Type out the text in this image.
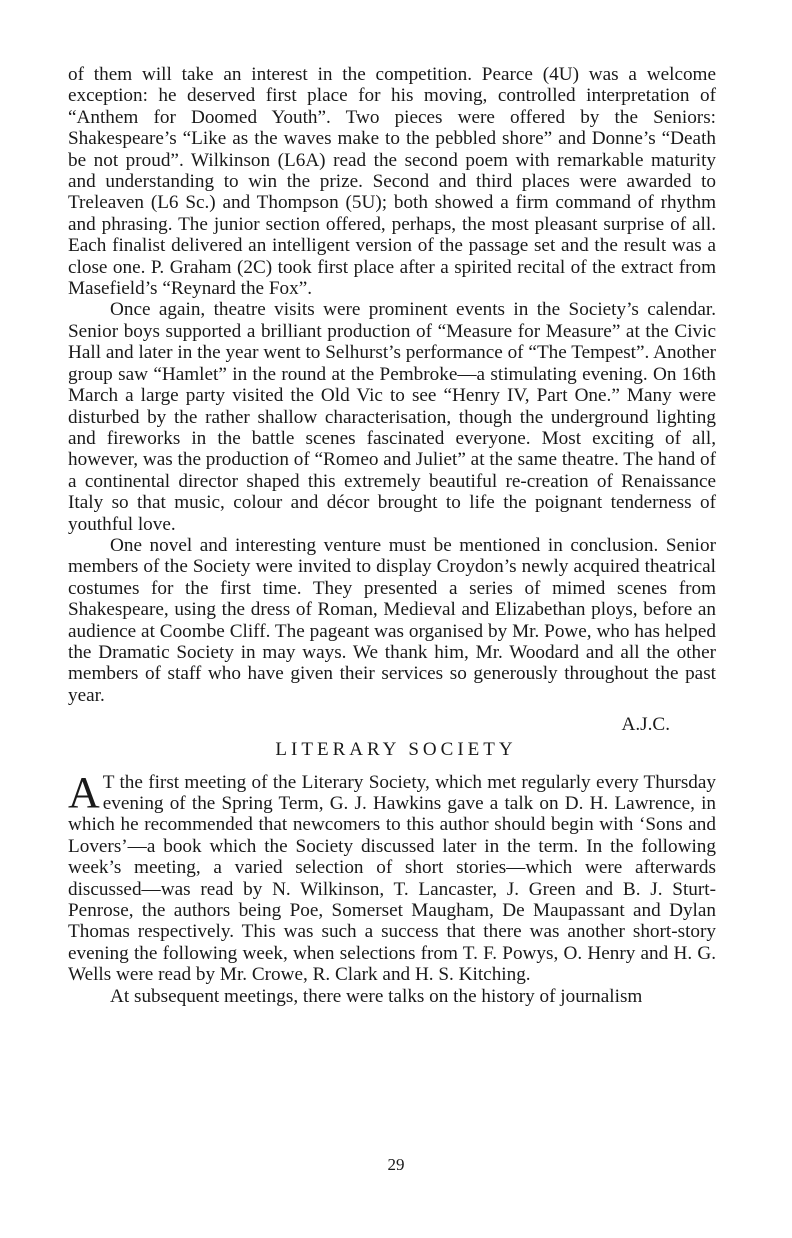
of them will take an interest in the competition. Pearce (4U) was a welcome exception: he deserved first place for his moving, controlled interpretation of “Anthem for Doomed Youth”. Two pieces were offered by the Seniors: Shakespeare’s “Like as the waves make to the pebbled shore” and Donne’s “Death be not proud”. Wilkinson (L6A) read the second poem with remarkable maturity and understanding to win the prize. Second and third places were awarded to Treleaven (L6 Sc.) and Thompson (5U); both showed a firm command of rhythm and phrasing. The junior section offered, perhaps, the most pleasant surprise of all. Each finalist delivered an intelligent version of the passage set and the result was a close one. P. Graham (2C) took first place after a spirited recital of the extract from Masefield’s “Reynard the Fox”.

Once again, theatre visits were prominent events in the Society’s calendar. Senior boys supported a brilliant production of “Measure for Measure” at the Civic Hall and later in the year went to Selhurst’s performance of “The Tempest”. Another group saw “Hamlet” in the round at the Pembroke—a stimulating evening. On 16th March a large party visited the Old Vic to see “Henry IV, Part One.” Many were disturbed by the rather shallow characterisation, though the underground lighting and fireworks in the battle scenes fascinated everyone. Most exciting of all, however, was the production of “Romeo and Juliet” at the same theatre. The hand of a continental director shaped this extremely beautiful re-creation of Renaissance Italy so that music, colour and décor brought to life the poignant tenderness of youthful love.

One novel and interesting venture must be mentioned in conclusion. Senior members of the Society were invited to display Croydon’s newly acquired theatrical costumes for the first time. They presented a series of mimed scenes from Shakespeare, using the dress of Roman, Medieval and Elizabethan ploys, before an audience at Coombe Cliff. The pageant was organised by Mr. Powe, who has helped the Dramatic Society in may ways. We thank him, Mr. Woodard and all the other members of staff who have given their services so generously throughout the past year.

A.J.C.

LITERARY SOCIETY

A T the first meeting of the Literary Society, which met regularly every Thursday evening of the Spring Term, G. J. Hawkins gave a talk on D. H. Lawrence, in which he recommended that newcomers to this author should begin with ‘Sons and Lovers’—a book which the Society discussed later in the term. In the following week’s meeting, a varied selection of short stories—which were afterwards discussed—was read by N. Wilkinson, T. Lancaster, J. Green and B. J. Sturt-Penrose, the authors being Poe, Somerset Maugham, De Maupassant and Dylan Thomas respectively. This was such a success that there was another short-story evening the following week, when selections from T. F. Powys, O. Henry and H. G. Wells were read by Mr. Crowe, R. Clark and H. S. Kitching.

At subsequent meetings, there were talks on the history of journalism

29
